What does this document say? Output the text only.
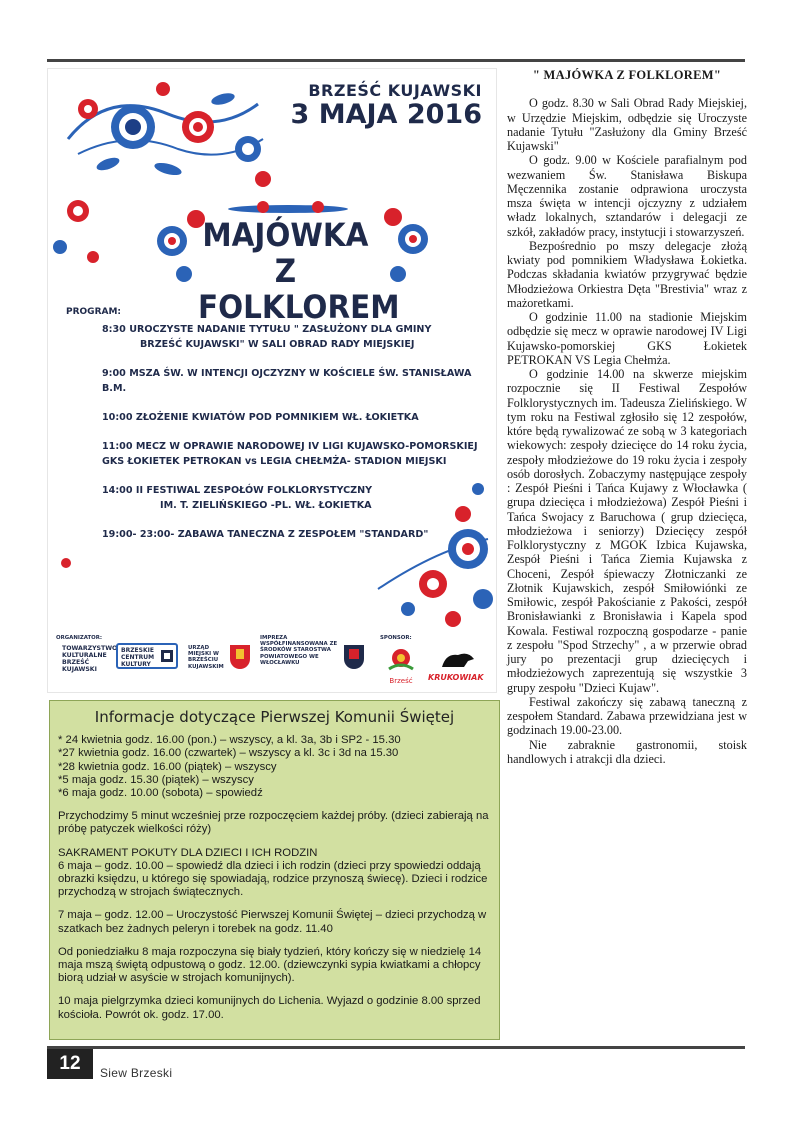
BRZEŚĆ KUJAWSKI
3 MAJA 2016
MAJÓWKA
Z FOLKLOREM
PROGRAM:
8:30 UROCZYSTE NADANIE TYTUŁU " ZASŁUŻONY DLA GMINY
BRZEŚĆ KUJAWSKI" W SALI OBRAD RADY MIEJSKIEJ
9:00 MSZA ŚW. W INTENCJI OJCZYZNY W KOŚCIELE ŚW. STANISŁAWA B.M.
10:00 ZŁOŻENIE KWIATÓW POD POMNIKIEM WŁ. ŁOKIETKA
11:00 MECZ W OPRAWIE NARODOWEJ IV LIGI KUJAWSKO-POMORSKIEJ
GKS ŁOKIETEK PETROKAN vs LEGIA CHEŁMŻA- STADION MIEJSKI
14:00 II FESTIWAL ZESPOŁÓW FOLKLORYSTYCZNY
IM. T. ZIELIŃSKIEGO -PL. WŁ. ŁOKIETKA
19:00- 23:00- ZABAWA TANECZNA Z ZESPOŁEM "STANDARD"
ORGANIZATOR:
TOWARZYSTWO KULTURALNE BRZEŚĆ KUJAWSKI
BRZESKIE CENTRUM KULTURY
URZĄD MIEJSKI W BRZEŚCIU KUJAWSKIM
IMPREZA WSPÓŁFINANSOWANA ZE ŚRODKÓW STAROSTWA POWIATOWEGO WE WŁOCŁAWKU
SPONSOR:
Brześć	KRUKOWIAK
" MAJÓWKA Z FOLKLOREM"

O godz. 8.30 w Sali Obrad Rady Miejskiej, w Urzędzie Miejskim, odbędzie się Uroczyste nadanie Tytułu "Zasłużony dla Gminy Brześć Kujawski"

O godz. 9.00 w Kościele parafialnym pod wezwaniem Św. Stanisława Biskupa Męczennika zostanie odprawiona uroczysta msza święta w intencji ojczyzny z udziałem władz lokalnych, sztandarów i delegacji ze szkół, zakładów pracy, instytucji i stowarzyszeń.

Bezpośrednio po mszy delegacje złożą kwiaty pod pomnikiem Władysława Łokietka. Podczas składania kwiatów przygrywać będzie Młodzieżowa Orkiestra Dęta "Brestivia" wraz z mażoretkami.

O godzinie 11.00 na stadionie Miejskim odbędzie się mecz w oprawie narodowej IV Ligi Kujawsko-pomorskiej GKS Łokietek PETROKAN VS Legia Chełmża.

O godzinie 14.00 na skwerze miejskim rozpocznie się II Festiwal Zespołów Folklorystycznych im. Tadeusza Zielińskiego. W tym roku na Festiwal zgłosiło się 12 zespołów, które będą rywalizować ze sobą w 3 kategoriach wiekowych: zespoły dziecięce do 14 roku życia, zespoły młodzieżowe do 19 roku życia i zespoły osób dorosłych. Zobaczymy następujące zespoły : Zespół Pieśni i Tańca Kujawy z Włocławka ( grupa dziecięca i młodzieżowa) Zespół Pieśni i Tańca Swojacy z Baruchowa ( grup dziecięca, młodzieżowa i seniorzy) Dziecięcy zespół Folklorystyczny z MGOK Izbica Kujawska, Zespół Pieśni i Tańca Ziemia Kujawska z Choceni, Zespół śpiewaczy Złotniczanki ze Złotnik Kujawskich, zespół Smiłowiónki ze Smiłowic, zespół Pakościanie z Pakości, zespół Bronisławianki z Bronisławia i Kapela spod Kowala. Festiwal rozpoczną gospodarze - panie z zespołu "Spod Strzechy" , a w przerwie obrad jury po prezentacji grup dziecięcych i młodzieżowych zaprezentują się wszystkie 3 grupy zespołu "Dzieci Kujaw".

Festiwal zakończy się zabawą taneczną z zespołem Standard. Zabawa przewidziana jest w godzinach 19.00-23.00.

Nie zabraknie gastronomii, stoisk handlowych i atrakcji dla dzieci.

Informacje dotyczące Pierwszej Komunii Świętej
* 24 kwietnia godz. 16.00 (pon.) – wszyscy, a kl. 3a, 3b i SP2 - 15.30
*27 kwietnia godz. 16.00 (czwartek) – wszyscy a kl. 3c i 3d na 15.30
*28 kwietnia godz. 16.00 (piątek) – wszyscy
*5 maja godz. 15.30 (piątek) – wszyscy
*6 maja godz. 10.00 (sobota) – spowiedź
Przychodzimy 5 minut wcześniej prze rozpoczęciem każdej próby. (dzieci zabierają na próbę patyczek wielkości róży)
SAKRAMENT POKUTY DLA DZIECI I ICH RODZIN
6 maja – godz. 10.00 – spowiedź dla dzieci i ich rodzin (dzieci przy spowiedzi oddają obrazki księdzu, u którego się spowiadają, rodzice przynoszą świecę). Dzieci i rodzice przychodzą w strojach świątecznych.
7 maja – godz. 12.00 – Uroczystość Pierwszej Komunii Świętej – dzieci przychodzą w szatkach bez żadnych peleryn i torebek na godz. 11.40
Od poniedziałku 8 maja rozpoczyna się biały tydzień, który kończy się w niedzielę 14 maja mszą świętą odpustową o godz. 12.00. (dziewczynki sypia kwiatkami a chłopcy biorą udział w asyście w strojach komunijnych).
10 maja pielgrzymka dzieci komunijnych do Lichenia. Wyjazd o godzinie 8.00 sprzed kościoła. Powrót ok. godz. 17.00.
12	Siew Brzeski
